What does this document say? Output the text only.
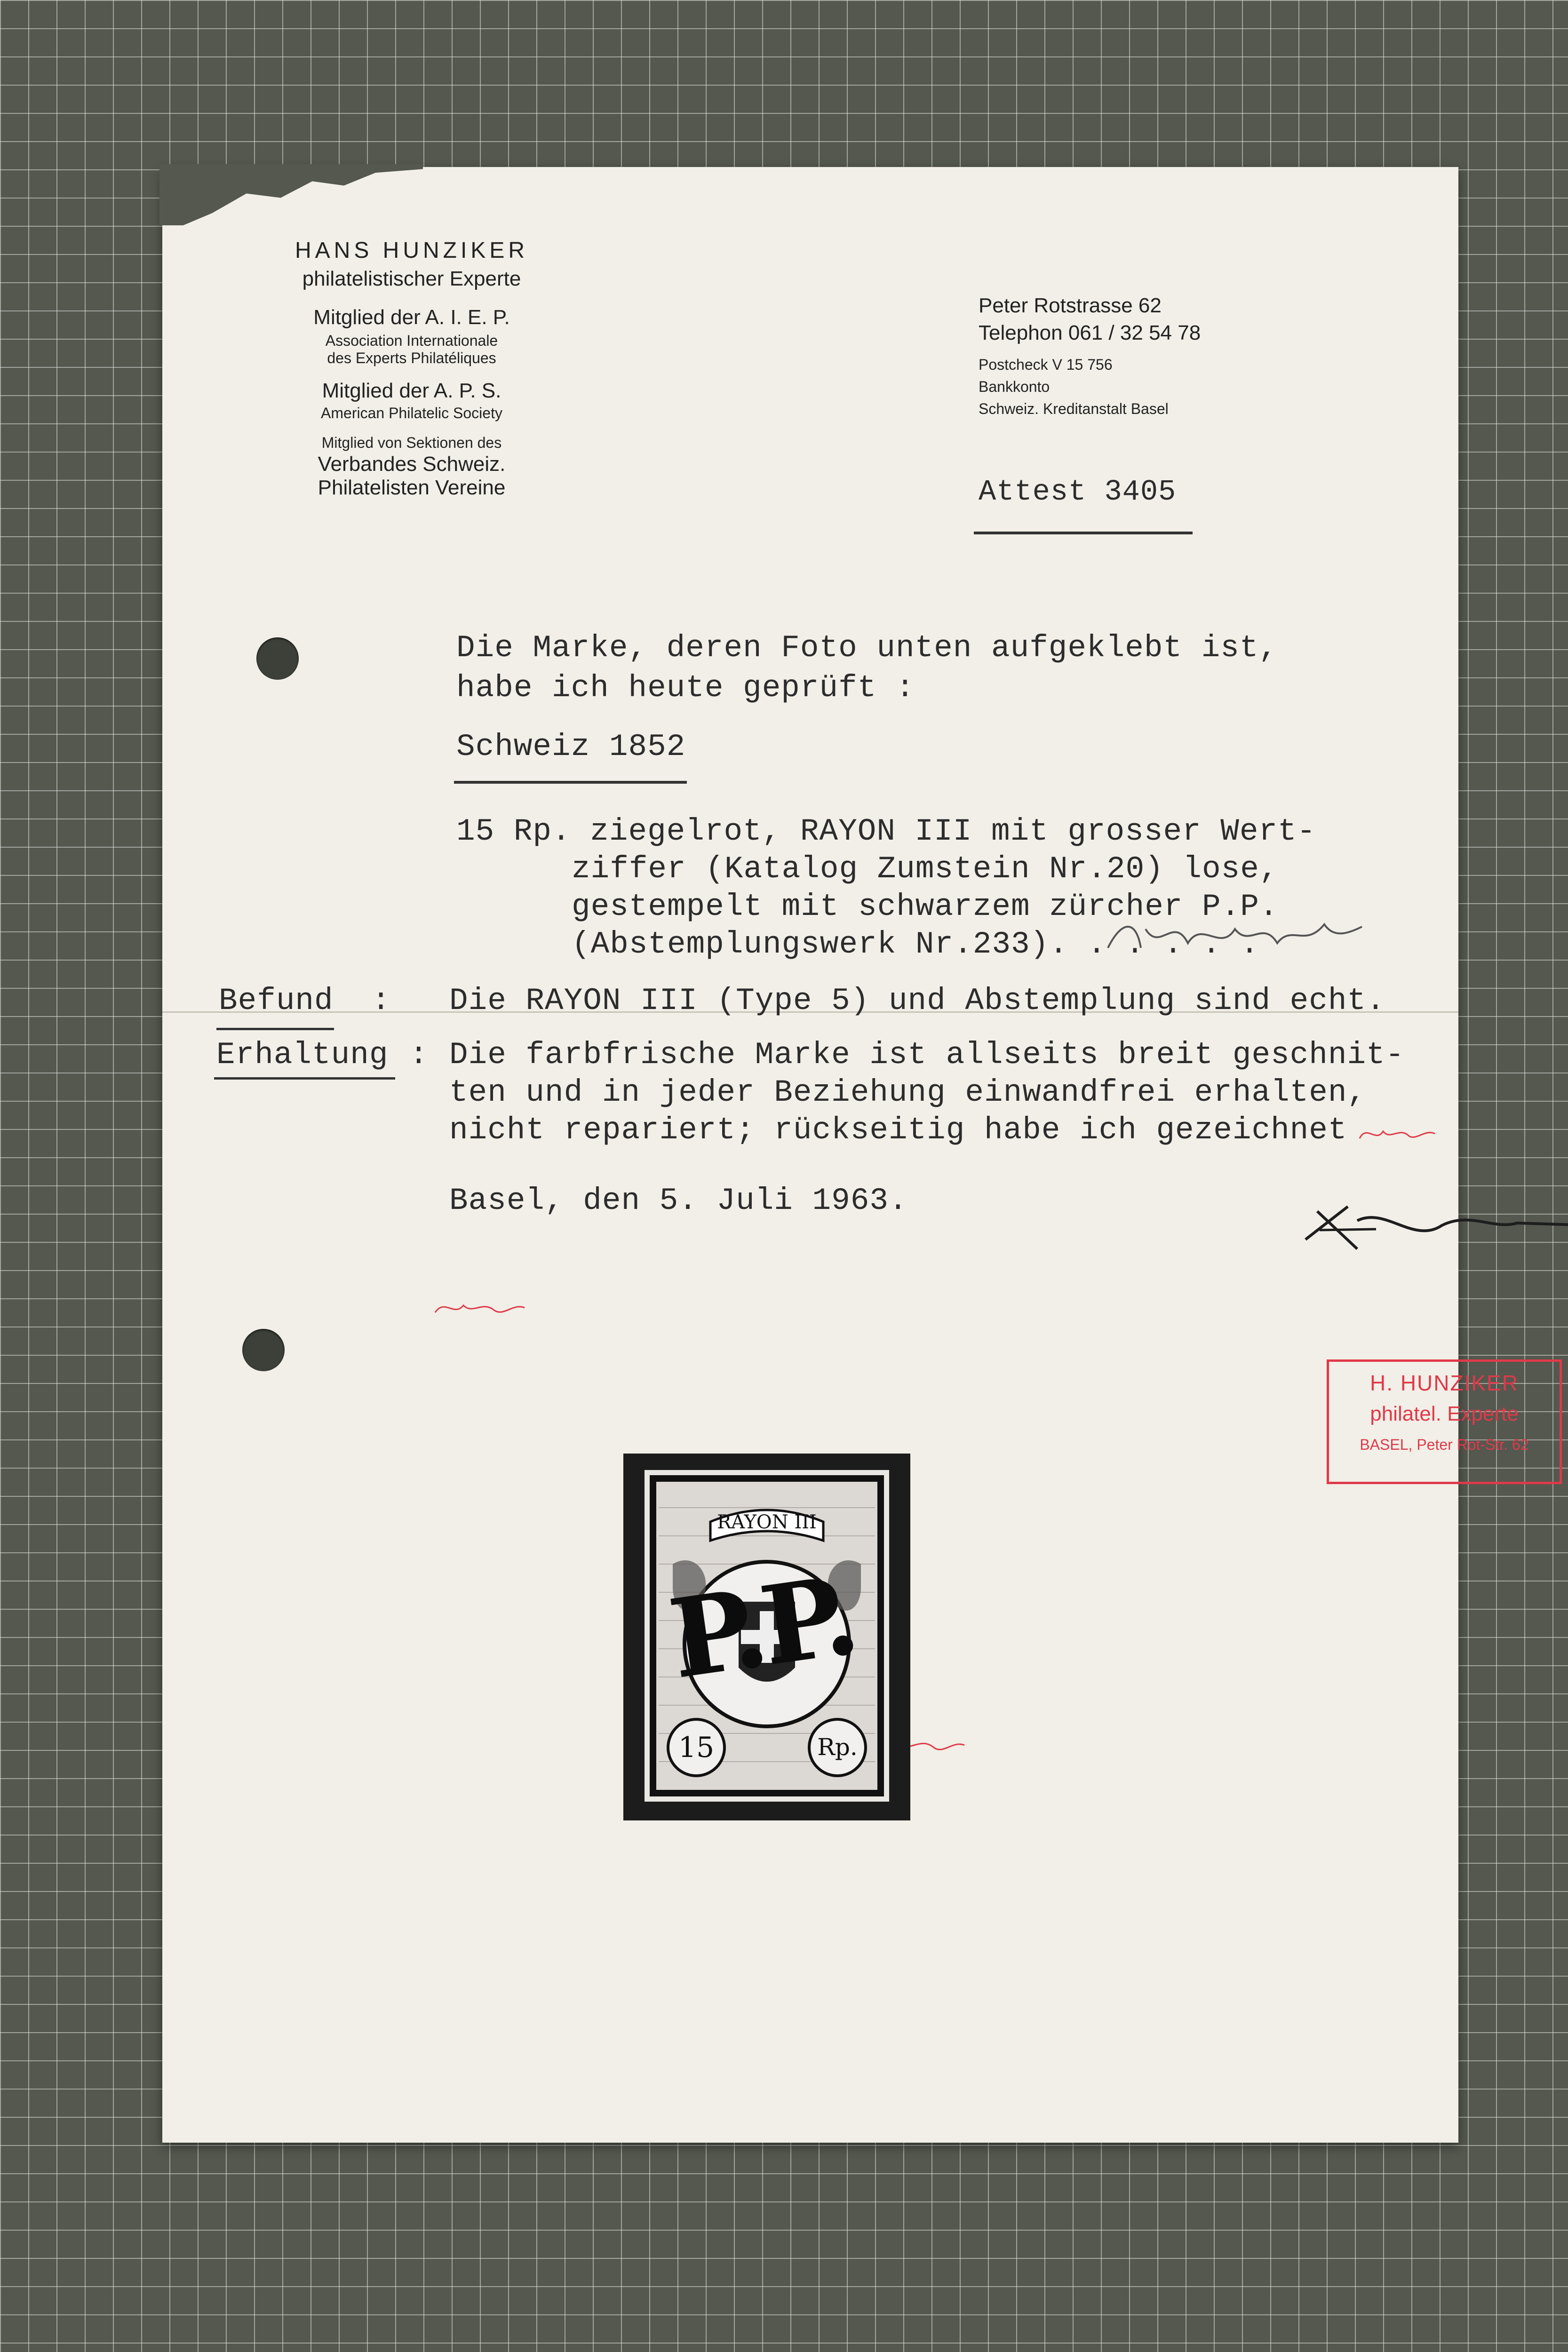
HANS HUNZIKER
philatelistischer Experte
Mitglied der A. I. E. P.
Association Internationale
des Experts Philatéliques
Mitglied der A. P. S.
American Philatelic Society
Mitglied von Sektionen des
Verbandes Schweiz.
Philatelisten Vereine
Peter Rotstrasse 62
Telephon 061 / 32 54 78
Postcheck V 15 756
Bankkonto
Schweiz. Kreditanstalt Basel
Attest 3405
Die Marke, deren Foto unten aufgeklebt ist,
habe ich heute geprüft :
Schweiz 1852
15 Rp. ziegelrot, RAYON III mit grosser Wert-
ziffer (Katalog Zumstein Nr.20) lose,
gestempelt mit schwarzem zürcher P.P.
(Abstemplungswerk Nr.233). . . . . .
Befund  : Die RAYON III (Type 5) und Abstemplung sind echt.
Erhaltung : Die farbfrische Marke ist allseits breit geschnit-
ten und in jeder Beziehung einwandfrei erhalten,
nicht repariert; rückseitig habe ich gezeichnet
Basel, den 5. Juli 1963.
H. HUNZIKER
philatel. Experte
BASEL, Peter Rot-Str. 62
RAYON III
P.P.
15	Rp.
